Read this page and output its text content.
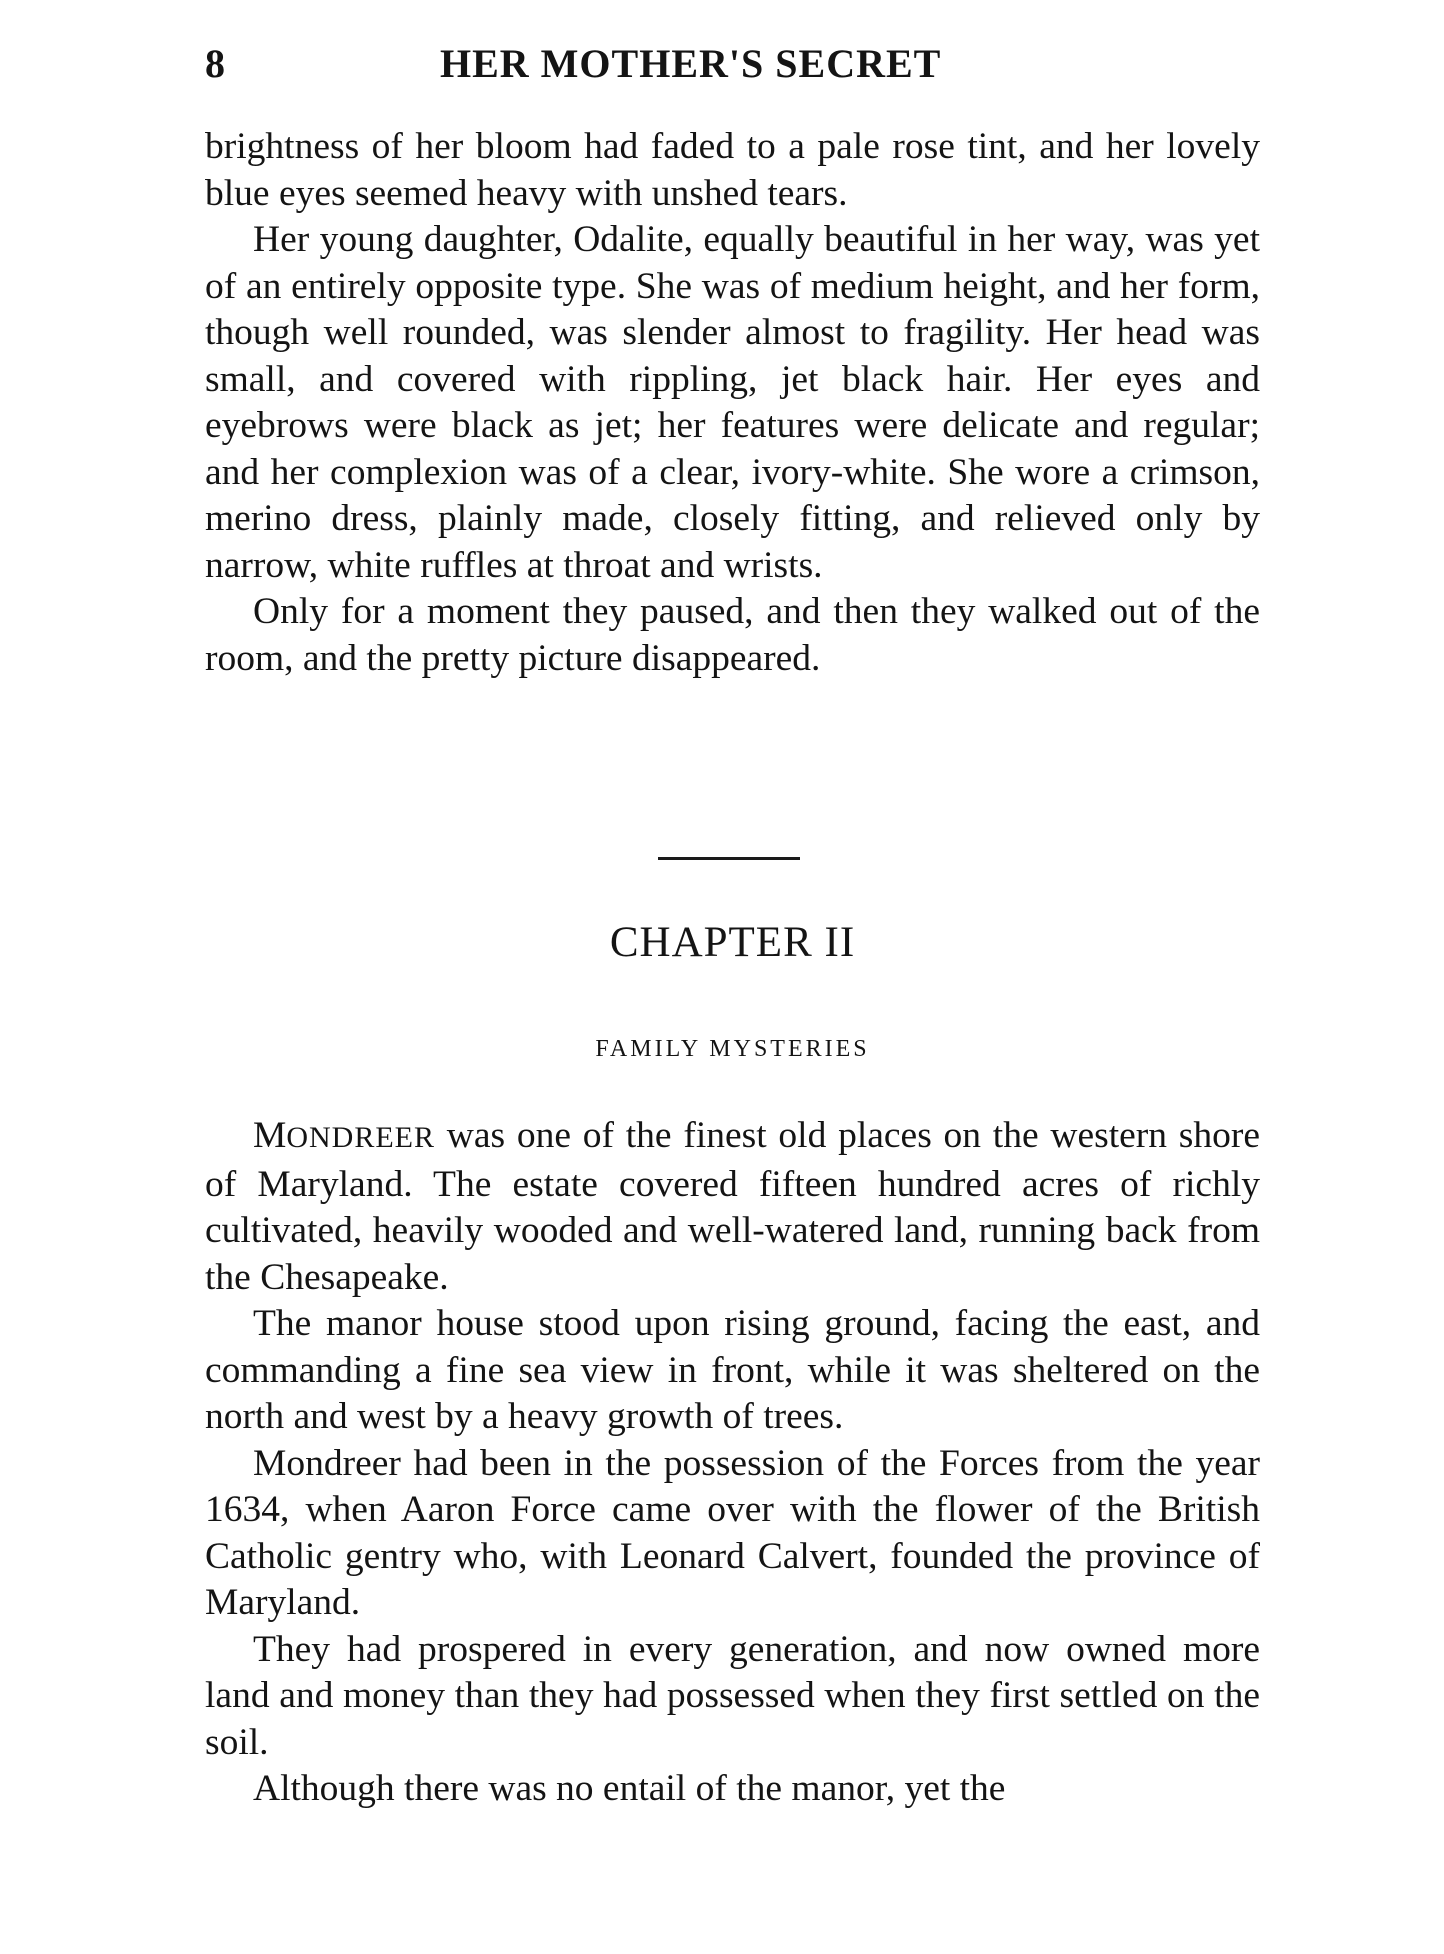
8	HER MOTHER'S SECRET

brightness of her bloom had faded to a pale rose tint, and her lovely blue eyes seemed heavy with unshed tears.

Her young daughter, Odalite, equally beautiful in her way, was yet of an entirely opposite type. She was of medium height, and her form, though well rounded, was slender almost to fragility. Her head was small, and covered with rippling, jet black hair. Her eyes and eyebrows were black as jet; her features were delicate and regular; and her complexion was of a clear, ivory-white. She wore a crimson, merino dress, plainly made, closely fitting, and relieved only by narrow, white ruffles at throat and wrists.

Only for a moment they paused, and then they walked out of the room, and the pretty picture disappeared.

CHAPTER II
FAMILY MYSTERIES

MONDREER was one of the finest old places on the western shore of Maryland. The estate covered fifteen hundred acres of richly cultivated, heavily wooded and well-watered land, running back from the Chesapeake.

The manor house stood upon rising ground, facing the east, and commanding a fine sea view in front, while it was sheltered on the north and west by a heavy growth of trees.

Mondreer had been in the possession of the Forces from the year 1634, when Aaron Force came over with the flower of the British Catholic gentry who, with Leonard Calvert, founded the province of Maryland.

They had prospered in every generation, and now owned more land and money than they had possessed when they first settled on the soil.

Although there was no entail of the manor, yet the
